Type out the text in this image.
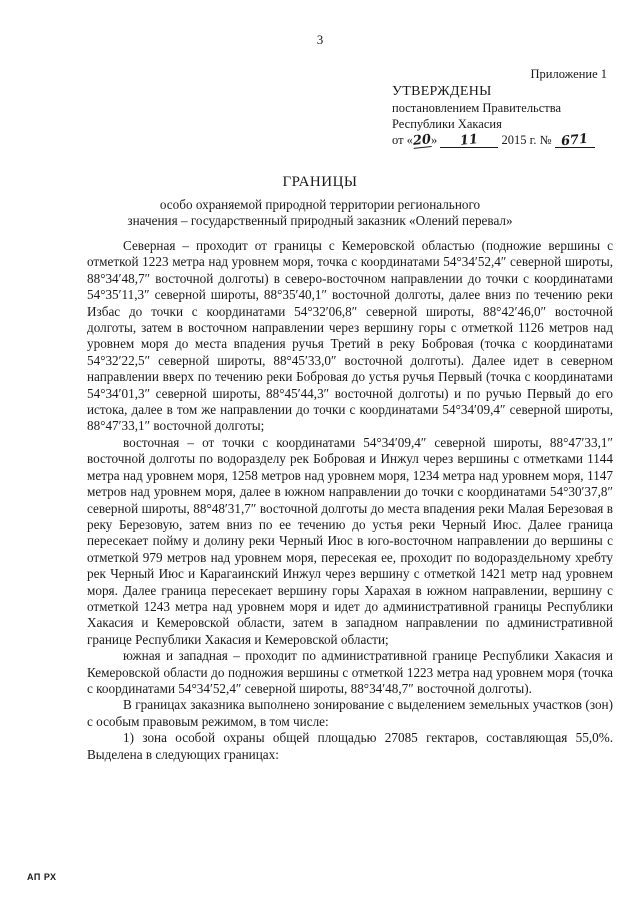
3
Приложение 1
УТВЕРЖДЕНЫ
постановлением Правительства
Республики Хакасия
от «20» 11 2015 г. № 671
ГРАНИЦЫ
особо охраняемой природной территории регионального
значения – государственный природный заказник «Олений перевал»

Северная – проходит от границы с Кемеровской областью (подножие вершины с отметкой 1223 метра над уровнем моря, точка с координатами 54°34′52,4″ северной широты, 88°34′48,7″ восточной долготы) в северо-восточном направлении до точки с координатами 54°35′11,3″ северной широты, 88°35′40,1″ восточной долготы, далее вниз по течению реки Избас до точки с координатами 54°32′06,8″ северной широты, 88°42′46,0″ восточной долготы, затем в восточном направлении через вершину горы с отметкой 1126 метров над уровнем моря до места впадения ручья Третий в реку Бобровая (точка с координатами 54°32′22,5″ северной широты, 88°45′33,0″ восточной долготы). Далее идет в северном направлении вверх по течению реки Бобровая до устья ручья Первый (точка с координатами 54°34′01,3″ северной широты, 88°45′44,3″ восточной долготы) и по ручью Первый до его истока, далее в том же направлении до точки с координатами 54°34′09,4″ северной широты, 88°47′33,1″ восточной долготы;

восточная – от точки с координатами 54°34′09,4″ северной широты, 88°47′33,1″ восточной долготы по водоразделу рек Бобровая и Инжул через вершины с отметками 1144 метра над уровнем моря, 1258 метров над уровнем моря, 1234 метра над уровнем моря, 1147 метров над уровнем моря, далее в южном направлении до точки с координатами 54°30′37,8″ северной широты, 88°48′31,7″ восточной долготы до места впадения реки Малая Березовая в реку Березовую, затем вниз по ее течению до устья реки Черный Июс. Далее граница пересекает пойму и долину реки Черный Июс в юго-восточном направлении до вершины с отметкой 979 метров над уровнем моря, пересекая ее, проходит по водораздельному хребту рек Черный Июс и Карагаинский Инжул через вершину с отметкой 1421 метр над уровнем моря. Далее граница пересекает вершину горы Харахая в южном направлении, вершину с отметкой 1243 метра над уровнем моря и идет до административной границы Республики Хакасия и Кемеровской области, затем в западном направлении по административной границе Республики Хакасия и Кемеровской области;

южная и западная – проходит по административной границе Республики Хакасия и Кемеровской области до подножия вершины с отметкой 1223 метра над уровнем моря (точка с координатами 54°34′52,4″ северной широты, 88°34′48,7″ восточной долготы).

В границах заказника выполнено зонирование с выделением земельных участков (зон) с особым правовым режимом, в том числе:

1) зона особой охраны общей площадью 27085 гектаров, составляющая 55,0%. Выделена в следующих границах:

АП РХ
